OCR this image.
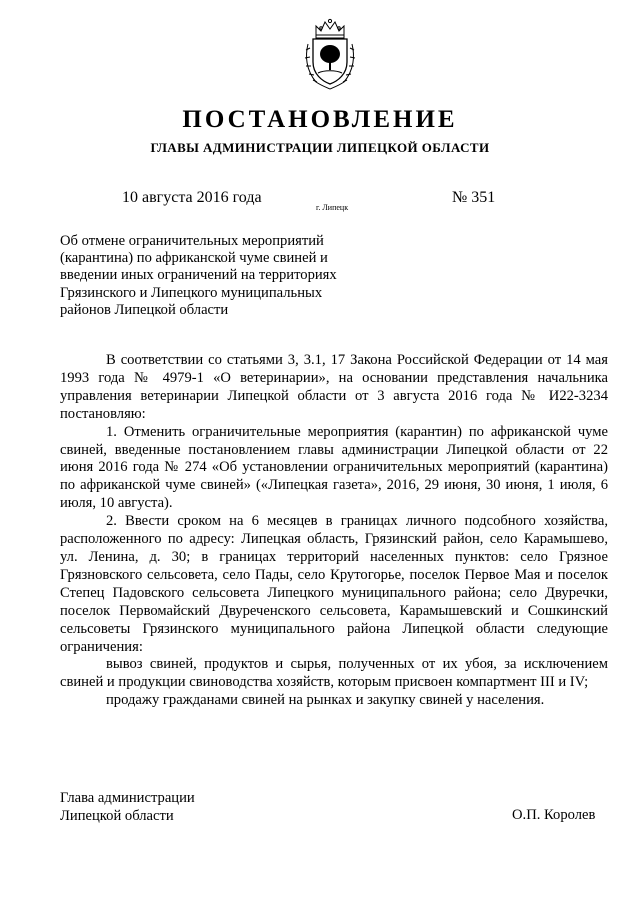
ПОСТАНОВЛЕНИЕ
ГЛАВЫ АДМИНИСТРАЦИИ ЛИПЕЦКОЙ ОБЛАСТИ
10 августа 2016 года
г. Липецк
№ 351
Об отмене ограничительных мероприятий
(карантина) по африканской чуме свиней и
введении иных ограничений на территориях
Грязинского и Липецкого муниципальных
районов Липецкой области

В соответствии со статьями 3, 3.1, 17 Закона Российской Федерации от 14 мая 1993 года № 4979-1 «О ветеринарии», на основании представления начальника управления ветеринарии Липецкой области от 3 августа 2016 года № И22-3234 постановляю:

1. Отменить ограничительные мероприятия (карантин) по африканской чуме свиней, введенные постановлением главы администрации Липецкой области от 22 июня 2016 года № 274 «Об установлении ограничительных мероприятий (карантина) по африканской чуме свиней» («Липецкая газета», 2016, 29 июня, 30 июня, 1 июля, 6 июля, 10 августа).

2. Ввести сроком на 6 месяцев в границах личного подсобного хозяйства, расположенного по адресу: Липецкая область, Грязинский район, село Карамышево, ул. Ленина, д. 30; в границах территорий населенных пунктов: село Грязное Грязновского сельсовета, село Пады, село Крутогорье, поселок Первое Мая и поселок Степец Падовского сельсовета Липецкого муниципального района; село Двуречки, поселок Первомайский Двуреченского сельсовета, Карамышевский и Сошкинский сельсоветы Грязинского муниципального района Липецкой области следующие ограничения:

вывоз свиней, продуктов и сырья, полученных от их убоя, за исключением свиней и продукции свиноводства хозяйств, которым присвоен компартмент III и IV;

продажу гражданами свиней на рынках и закупку свиней у населения.

Глава администрации
Липецкой области	О.П. Королев
